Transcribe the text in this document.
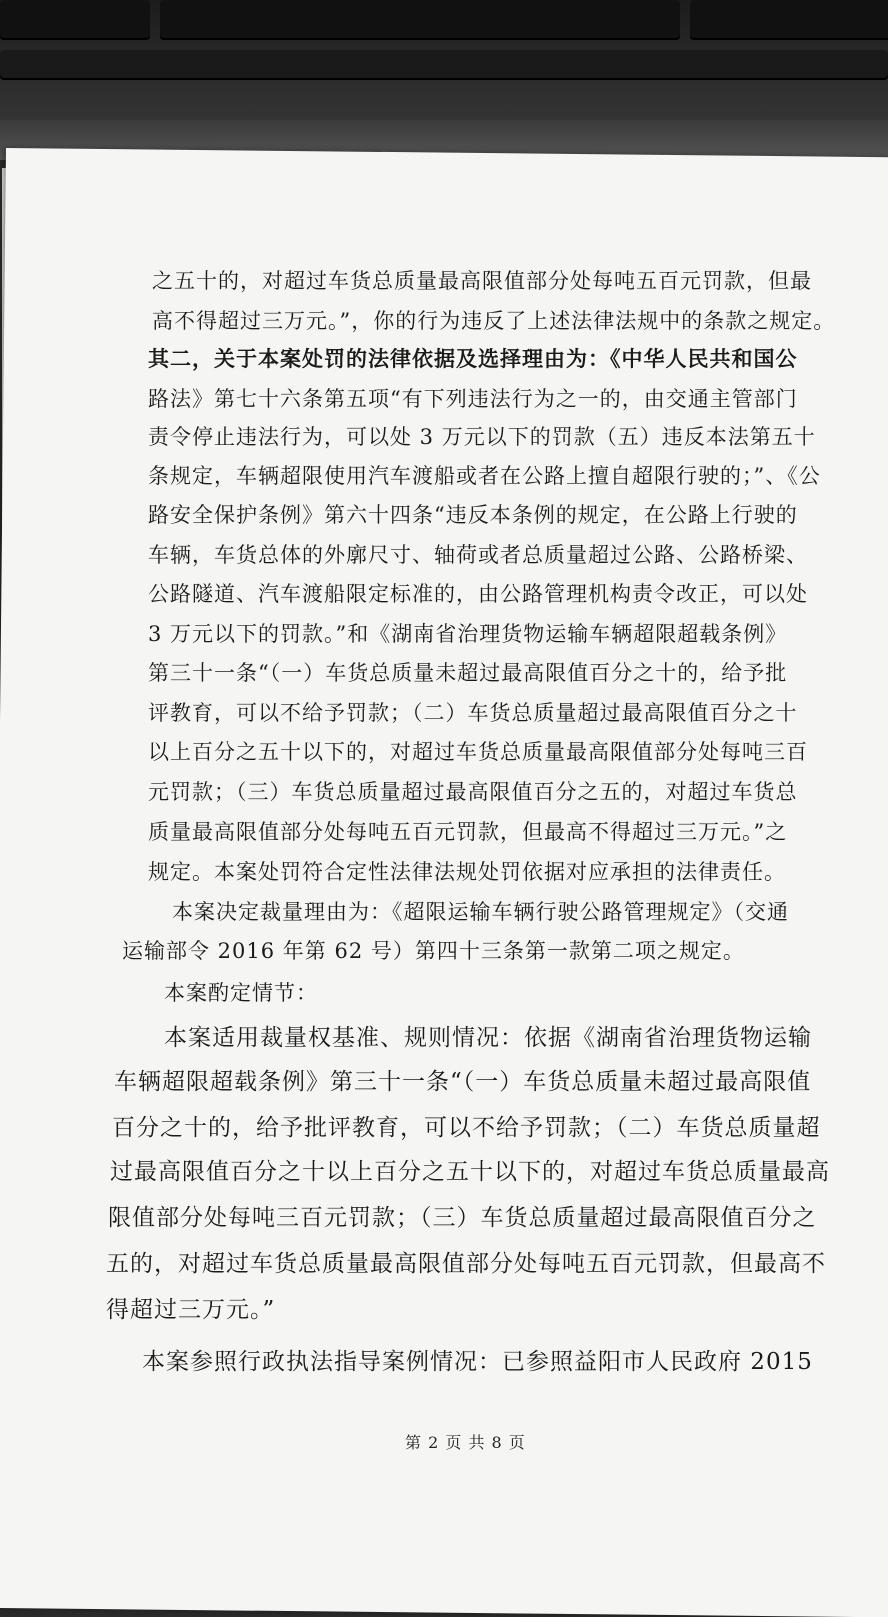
之五十的，对超过车货总质量最高限值部分处每吨五百元罚款，但最
高不得超过三万元。”，你的行为违反了上述法律法规中的条款之规定。
其二，关于本案处罚的法律依据及选择理由为：《中华人民共和国公
路法》第七十六条第五项“有下列违法行为之一的，由交通主管部门
责令停止违法行为，可以处 3 万元以下的罚款（五）违反本法第五十
条规定，车辆超限使用汽车渡船或者在公路上擅自超限行驶的；”、《公
路安全保护条例》第六十四条“违反本条例的规定，在公路上行驶的
车辆，车货总体的外廓尺寸、轴荷或者总质量超过公路、公路桥梁、
公路隧道、汽车渡船限定标准的，由公路管理机构责令改正，可以处
3 万元以下的罚款。”和《湖南省治理货物运输车辆超限超载条例》
第三十一条“（一）车货总质量未超过最高限值百分之十的，给予批
评教育，可以不给予罚款；（二）车货总质量超过最高限值百分之十
以上百分之五十以下的，对超过车货总质量最高限值部分处每吨三百
元罚款；（三）车货总质量超过最高限值百分之五的，对超过车货总
质量最高限值部分处每吨五百元罚款，但最高不得超过三万元。”之
规定。本案处罚符合定性法律法规处罚依据对应承担的法律责任。
本案决定裁量理由为：《超限运输车辆行驶公路管理规定》（交通
运输部令 2016 年第 62 号）第四十三条第一款第二项之规定。
本案酌定情节：
本案适用裁量权基准、规则情况：依据《湖南省治理货物运输
车辆超限超载条例》第三十一条“（一）车货总质量未超过最高限值
百分之十的，给予批评教育，可以不给予罚款；（二）车货总质量超
过最高限值百分之十以上百分之五十以下的，对超过车货总质量最高
限值部分处每吨三百元罚款；（三）车货总质量超过最高限值百分之
五的，对超过车货总质量最高限值部分处每吨五百元罚款，但最高不
得超过三万元。”
本案参照行政执法指导案例情况：已参照益阳市人民政府 2015
第 2 页 共 8 页
